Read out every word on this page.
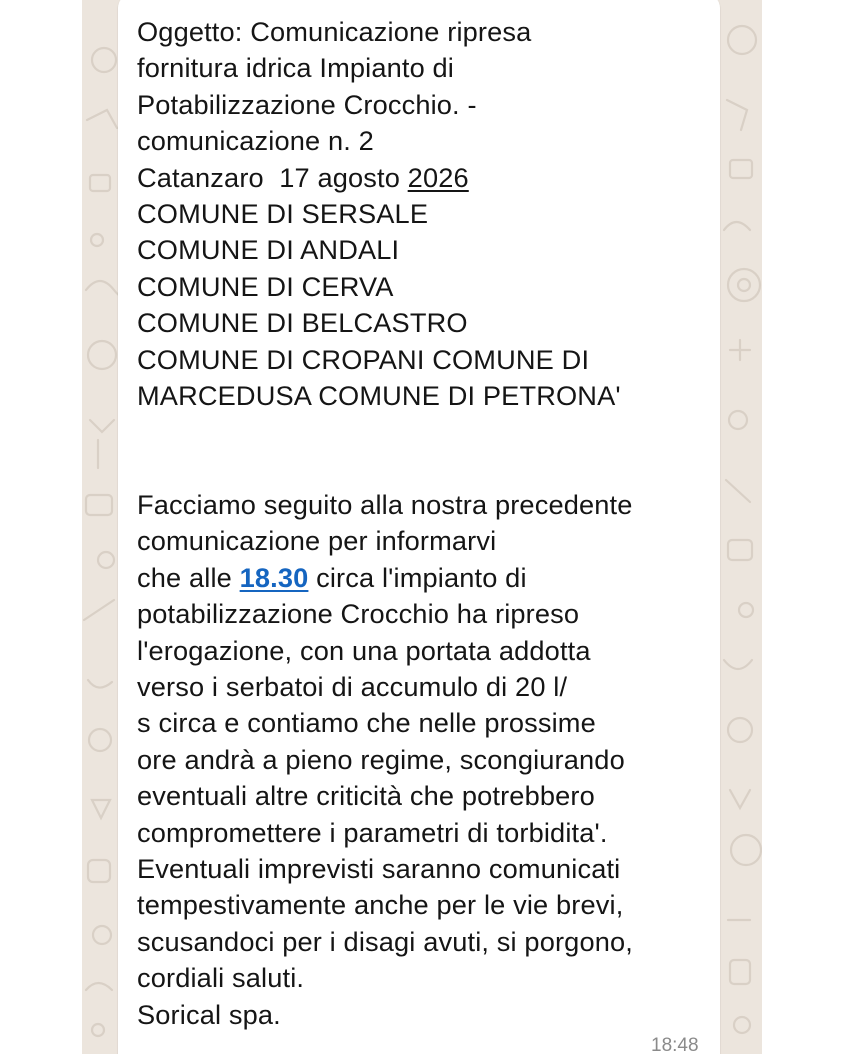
Oggetto: Comunicazione ripresa
fornitura idrica Impianto di
Potabilizzazione Crocchio. -
comunicazione n. 2
Catanzaro  17 agosto 2026
COMUNE DI SERSALE
COMUNE DI ANDALI
COMUNE DI CERVA
COMUNE DI BELCASTRO
COMUNE DI CROPANI COMUNE DI
MARCEDUSA COMUNE DI PETRONA'
Facciamo seguito alla nostra precedente
comunicazione per informarvi
che alle 18.30 circa l'impianto di
potabilizzazione Crocchio ha ripreso
l'erogazione, con una portata addotta
verso i serbatoi di accumulo di 20 l/
s circa e contiamo che nelle prossime
ore andrà a pieno regime, scongiurando
eventuali altre criticità che potrebbero
compromettere i parametri di torbidita'.
Eventuali imprevisti saranno comunicati
tempestivamente anche per le vie brevi,
scusandoci per i disagi avuti, si porgono,
cordiali saluti.
Sorical spa.
18:48
